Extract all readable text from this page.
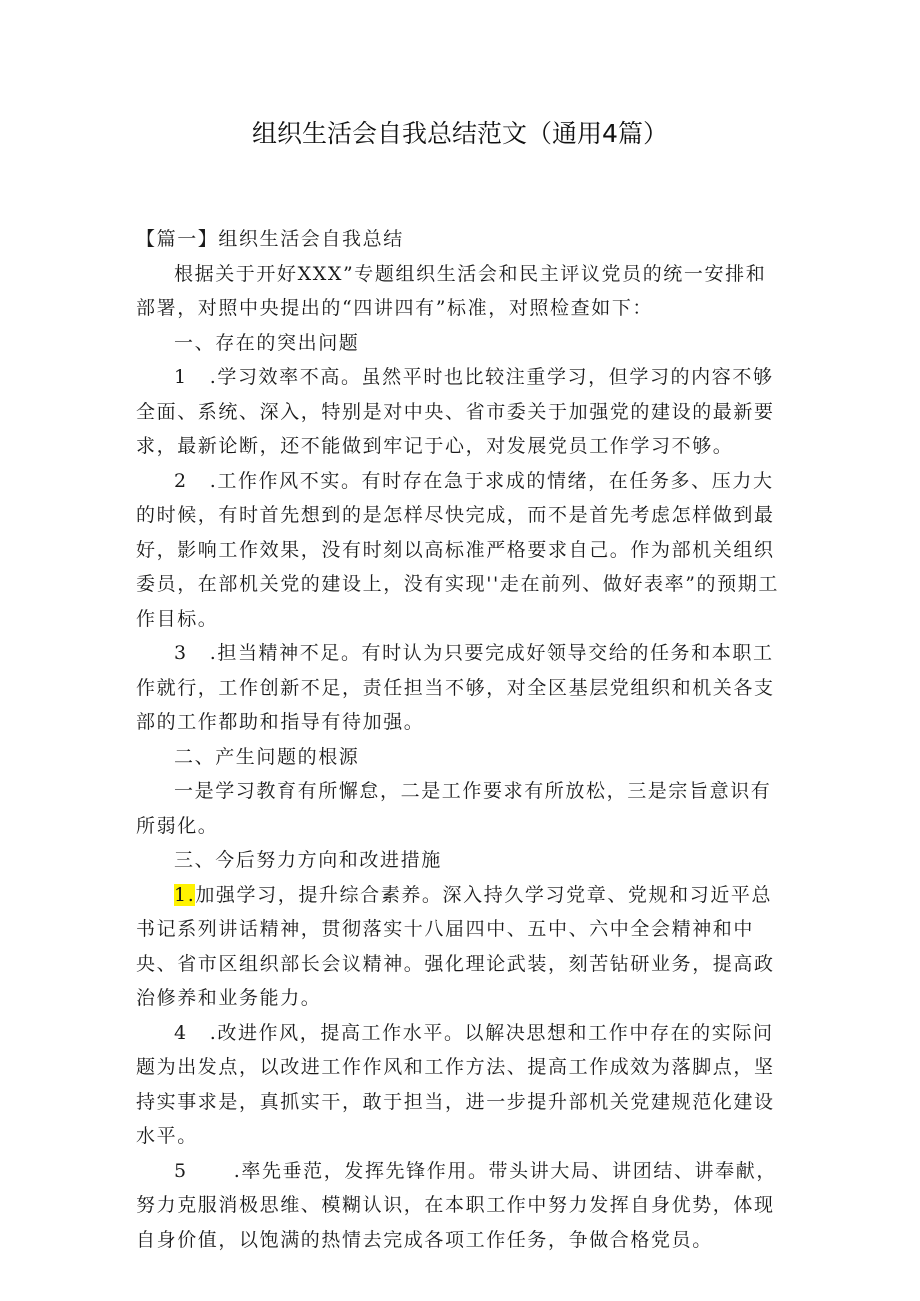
组织生活会自我总结范文（通用4篇）

【篇一】组织生活会自我总结

根据关于开好XXX”专题组织生活会和民主评议党员的统一安排和部署，对照中央提出的“四讲四有”标准，对照检查如下：

一、存在的突出问题

1 .学习效率不高。虽然平时也比较注重学习，但学习的内容不够全面、系统、深入，特别是对中央、省市委关于加强党的建设的最新要求，最新论断，还不能做到牢记于心，对发展党员工作学习不够。

2 .工作作风不实。有时存在急于求成的情绪，在任务多、压力大的时候，有时首先想到的是怎样尽快完成，而不是首先考虑怎样做到最好，影响工作效果，没有时刻以高标准严格要求自己。作为部机关组织委员，在部机关党的建设上，没有实现''走在前列、做好表率”的预期工作目标。

3 .担当精神不足。有时认为只要完成好领导交给的任务和本职工作就行，工作创新不足，责任担当不够，对全区基层党组织和机关各支部的工作都助和指导有待加强。

二、产生问题的根源

一是学习教育有所懈怠，二是工作要求有所放松，三是宗旨意识有所弱化。

三、今后努力方向和改进措施

1.加强学习，提升综合素养。深入持久学习党章、党规和习近平总书记系列讲话精神，贯彻落实十八届四中、五中、六中全会精神和中央、省市区组织部长会议精神。强化理论武装，刻苦钻研业务，提高政治修养和业务能力。

4 .改进作风，提高工作水平。以解决思想和工作中存在的实际问题为出发点，以改进工作作风和工作方法、提高工作成效为落脚点，坚持实事求是，真抓实干，敢于担当，进一步提升部机关党建规范化建设水平。

5 .率先垂范，发挥先锋作用。带头讲大局、讲团结、讲奉献，努力克服消极思维、模糊认识，在本职工作中努力发挥自身优势，体现自身价值，以饱满的热情去完成各项工作任务，争做合格党员。
